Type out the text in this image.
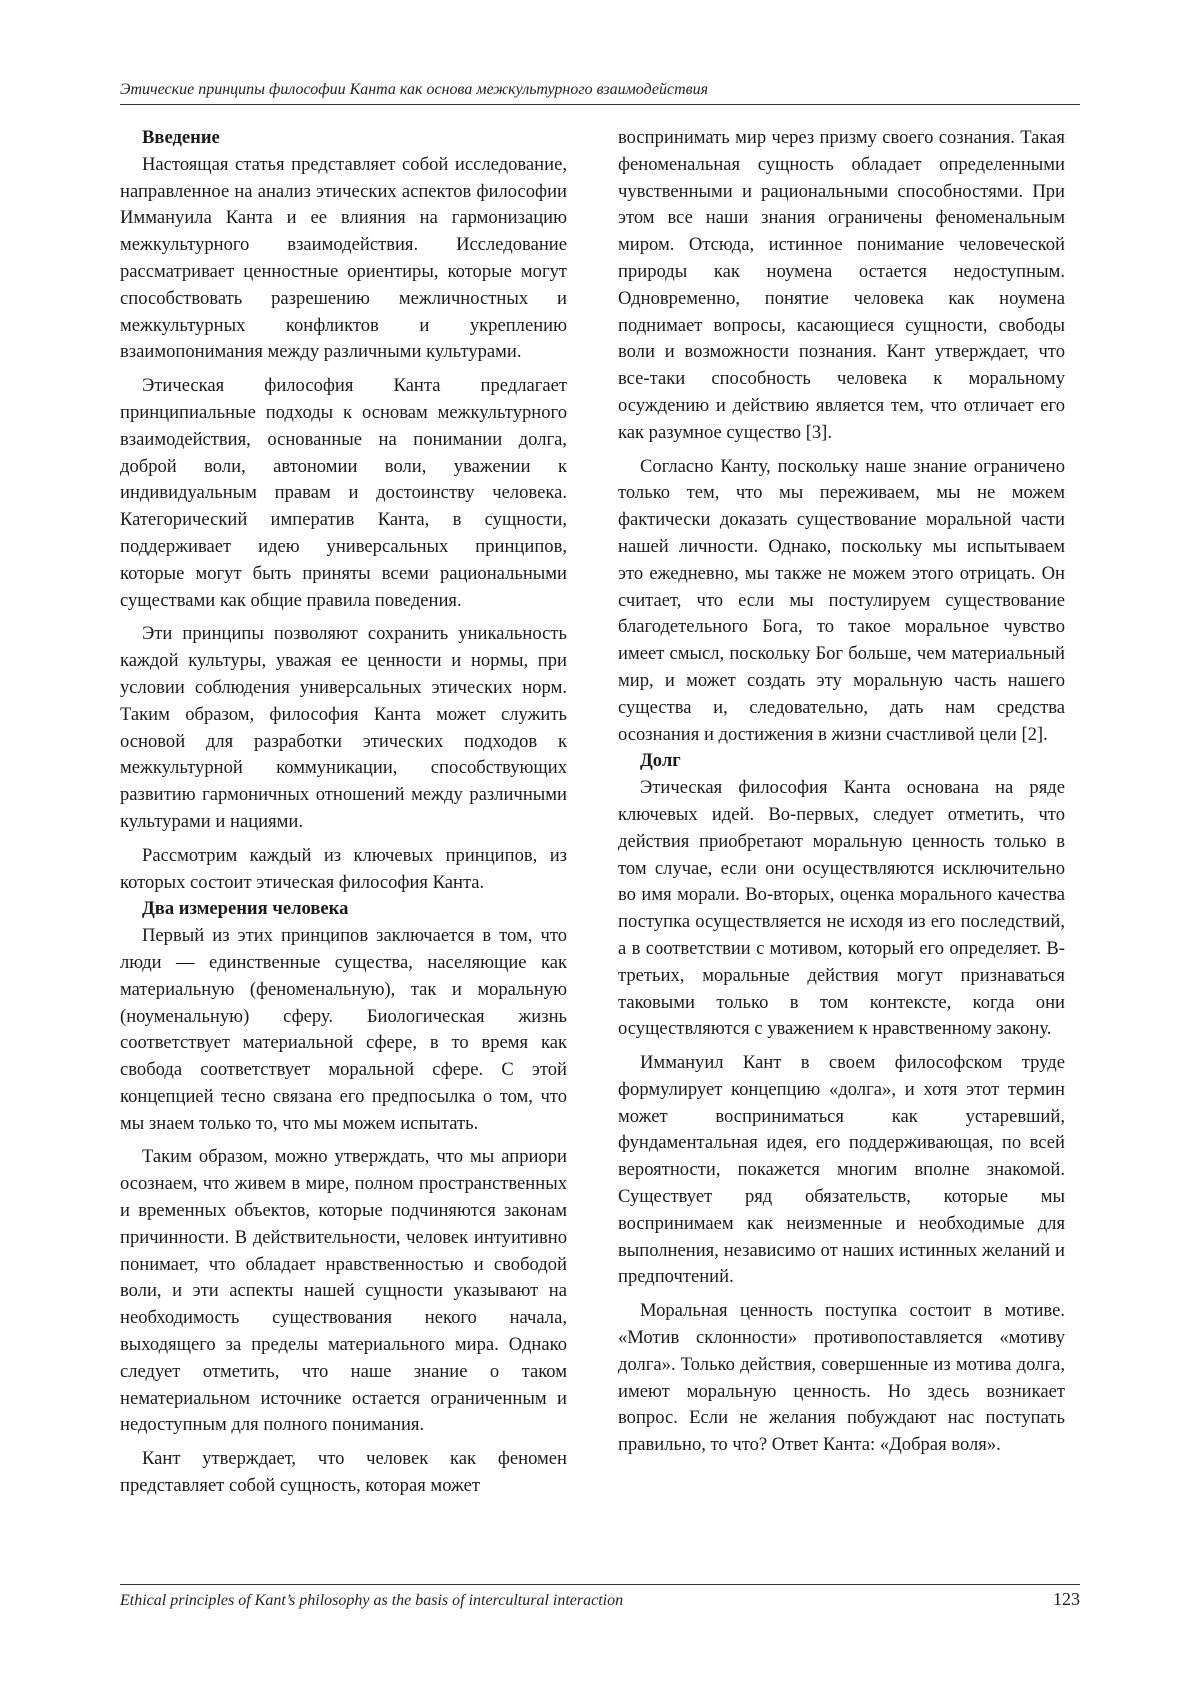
Этические принципы философии Канта как основа межкультурного взаимодействия
Введение

Настоящая статья представляет собой исследование, направленное на анализ этических аспектов философии Иммануила Канта и ее влияния на гармонизацию межкультурного взаимодействия. Исследование рассматривает ценностные ориентиры, которые могут способствовать разрешению межличностных и межкультурных конфликтов и укреплению взаимопонимания между различными культурами.

Этическая философия Канта предлагает принципиальные подходы к основам межкультурного взаимодействия, основанные на понимании долга, доброй воли, автономии воли, уважении к индивидуальным правам и достоинству человека. Категорический императив Канта, в сущности, поддерживает идею универсальных принципов, которые могут быть приняты всеми рациональными существами как общие правила поведения.

Эти принципы позволяют сохранить уникальность каждой культуры, уважая ее ценности и нормы, при условии соблюдения универсальных этических норм. Таким образом, философия Канта может служить основой для разработки этических подходов к межкультурной коммуникации, способствующих развитию гармоничных отношений между различными культурами и нациями.

Рассмотрим каждый из ключевых принципов, из которых состоит этическая философия Канта.

Два измерения человека

Первый из этих принципов заключается в том, что люди — единственные существа, населяющие как материальную (феноменальную), так и моральную (ноуменальную) сферу. Биологическая жизнь соответствует материальной сфере, в то время как свобода соответствует моральной сфере. С этой концепцией тесно связана его предпосылка о том, что мы знаем только то, что мы можем испытать.

Таким образом, можно утверждать, что мы априори осознаем, что живем в мире, полном пространственных и временных объектов, которые подчиняются законам причинности. В действительности, человек интуитивно понимает, что обладает нравственностью и свободой воли, и эти аспекты нашей сущности указывают на необходимость существования некого начала, выходящего за пределы материального мира. Однако следует отметить, что наше знание о таком нематериальном источнике остается ограниченным и недоступным для полного понимания.

Кант утверждает, что человек как феномен представляет собой сущность, которая может

воспринимать мир через призму своего сознания. Такая феноменальная сущность обладает определенными чувственными и рациональными способностями. При этом все наши знания ограничены феноменальным миром. Отсюда, истинное понимание человеческой природы как ноумена остается недоступным. Одновременно, понятие человека как ноумена поднимает вопросы, касающиеся сущности, свободы воли и возможности познания. Кант утверждает, что все-таки способность человека к моральному осуждению и действию является тем, что отличает его как разумное существо [3].

Согласно Канту, поскольку наше знание ограничено только тем, что мы переживаем, мы не можем фактически доказать существование моральной части нашей личности. Однако, поскольку мы испытываем это ежедневно, мы также не можем этого отрицать. Он считает, что если мы постулируем существование благодетельного Бога, то такое моральное чувство имеет смысл, поскольку Бог больше, чем материальный мир, и может создать эту моральную часть нашего существа и, следовательно, дать нам средства осознания и достижения в жизни счастливой цели [2].

Долг

Этическая философия Канта основана на ряде ключевых идей. Во-первых, следует отметить, что действия приобретают моральную ценность только в том случае, если они осуществляются исключительно во имя морали. Во-вторых, оценка морального качества поступка осуществляется не исходя из его последствий, а в соответствии с мотивом, который его определяет. В-третьих, моральные действия могут признаваться таковыми только в том контексте, когда они осуществляются с уважением к нравственному закону.

Иммануил Кант в своем философском труде формулирует концепцию «долга», и хотя этот термин может восприниматься как устаревший, фундаментальная идея, его поддерживающая, по всей вероятности, покажется многим вполне знакомой. Существует ряд обязательств, которые мы воспринимаем как неизменные и необходимые для выполнения, независимо от наших истинных желаний и предпочтений.

Моральная ценность поступка состоит в мотиве. «Мотив склонности» противопоставляется «мотиву долга». Только действия, совершенные из мотива долга, имеют моральную ценность. Но здесь возникает вопрос. Если не желания побуждают нас поступать правильно, то что? Ответ Канта: «Добрая воля».

Ethical principles of Kant’s philosophy as the basis of intercultural interaction	123
